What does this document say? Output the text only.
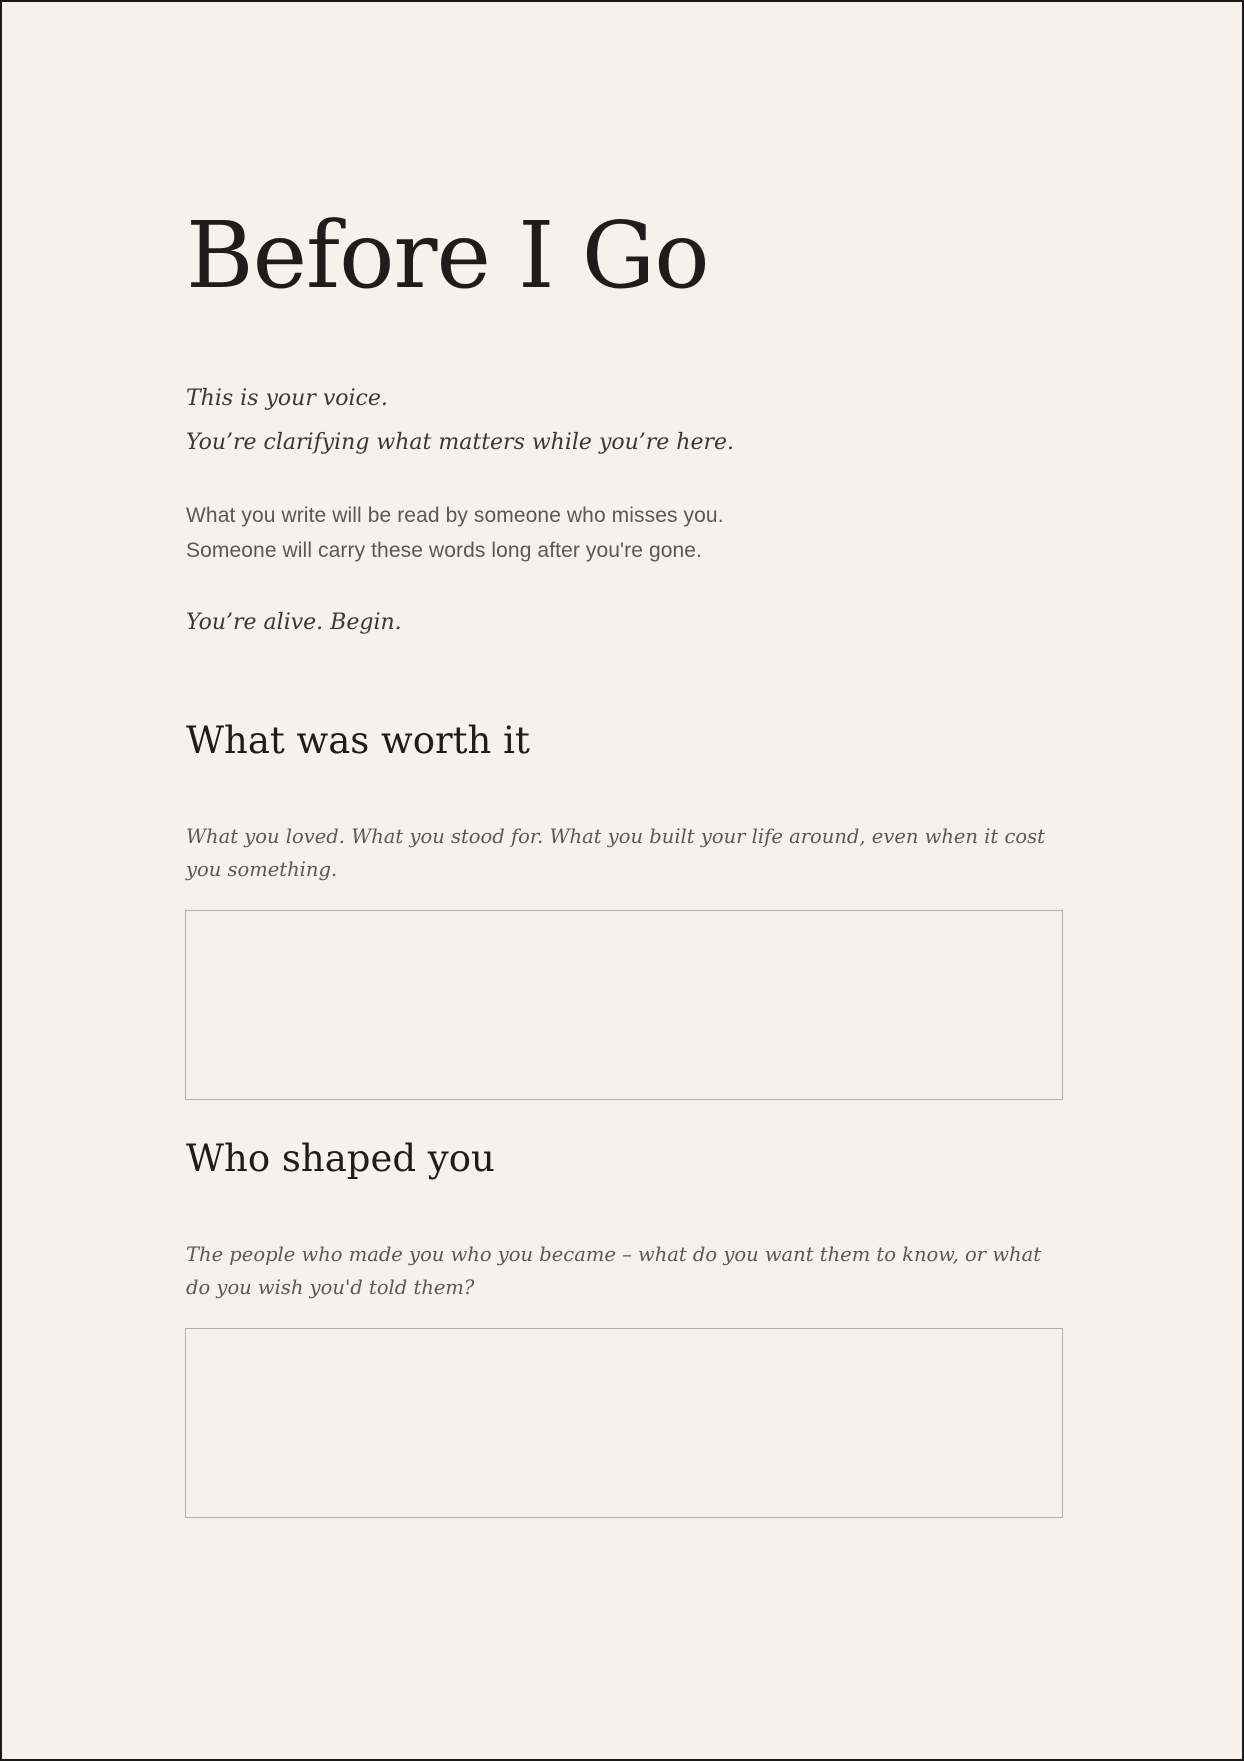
Before I Go

This is your voice.

You’re clarifying what matters while you’re here.

What you write will be read by someone who misses you.

Someone will carry these words long after you're gone.

You’re alive. Begin.

What was worth it

What you loved. What you stood for. What you built your life around, even when it cost you something.

Who shaped you

The people who made you who you became – what do you want them to know, or what do you wish you'd told them?
